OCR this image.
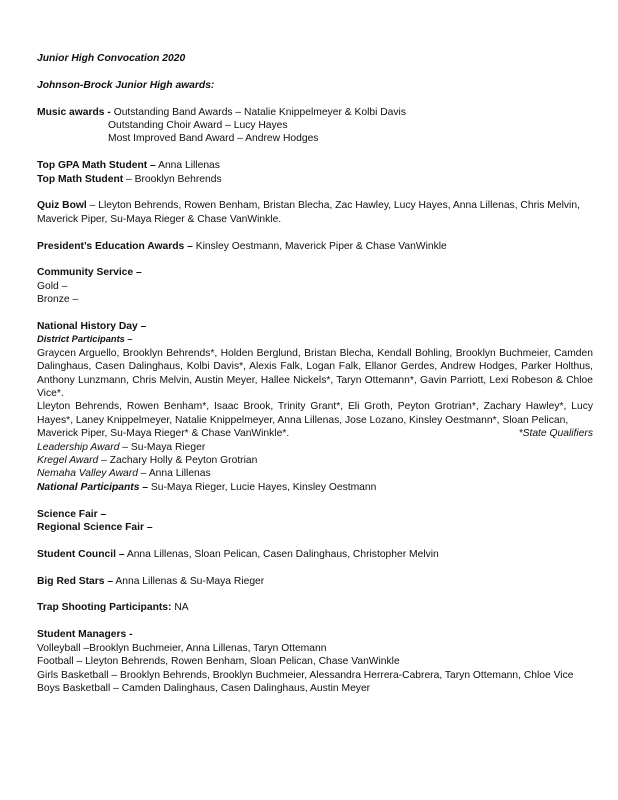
Junior High Convocation 2020

Johnson-Brock Junior High awards:

Music awards - Outstanding Band Awards – Natalie Knippelmeyer & Kolbi Davis

Outstanding Choir Award – Lucy Hayes

Most Improved Band Award – Andrew Hodges

Top GPA Math Student – Anna Lillenas

Top Math Student – Brooklyn Behrends

Quiz Bowl – Lleyton Behrends, Rowen Benham, Bristan Blecha, Zac Hawley, Lucy Hayes, Anna Lillenas, Chris Melvin,

Maverick Piper, Su-Maya Rieger & Chase VanWinkle.

President’s Education Awards – Kinsley Oestmann, Maverick Piper & Chase VanWinkle

Community Service –

Gold –

Bronze –

National History Day –

District Participants –

Graycen Arguello, Brooklyn Behrends*, Holden Berglund, Bristan Blecha, Kendall Bohling, Brooklyn Buchmeier, Camden Dalinghaus, Casen Dalinghaus, Kolbi Davis*, Alexis Falk, Logan Falk, Ellanor Gerdes, Andrew Hodges, Parker Holthus, Anthony Lunzmann, Chris Melvin, Austin Meyer, Hallee Nickels*, Taryn Ottemann*, Gavin Parriott, Lexi Robeson & Chloe Vice*.

Lleyton Behrends, Rowen Benham*, Isaac Brook, Trinity Grant*, Eli Groth, Peyton Grotrian*, Zachary Hawley*, Lucy Hayes*, Laney Knippelmeyer, Natalie Knippelmeyer, Anna Lillenas, Jose Lozano, Kinsley Oestmann*, Sloan Pelican,

*State Qualifiers
Maverick Piper, Su-Maya Rieger* & Chase VanWinkle*.

Leadership Award – Su-Maya Rieger

Kregel Award – Zachary Holly & Peyton Grotrian

Nemaha Valley Award – Anna Lillenas

National Participants – Su-Maya Rieger, Lucie Hayes, Kinsley Oestmann

Science Fair –

Regional Science Fair –

Student Council – Anna Lillenas, Sloan Pelican, Casen Dalinghaus, Christopher Melvin

Big Red Stars – Anna Lillenas & Su-Maya Rieger

Trap Shooting Participants: NA

Student Managers -

Volleyball –Brooklyn Buchmeier, Anna Lillenas, Taryn Ottemann

Football – Lleyton Behrends, Rowen Benham, Sloan Pelican, Chase VanWinkle

Girls Basketball – Brooklyn Behrends, Brooklyn Buchmeier, Alessandra Herrera-Cabrera, Taryn Ottemann, Chloe Vice

Boys Basketball – Camden Dalinghaus, Casen Dalinghaus, Austin Meyer
